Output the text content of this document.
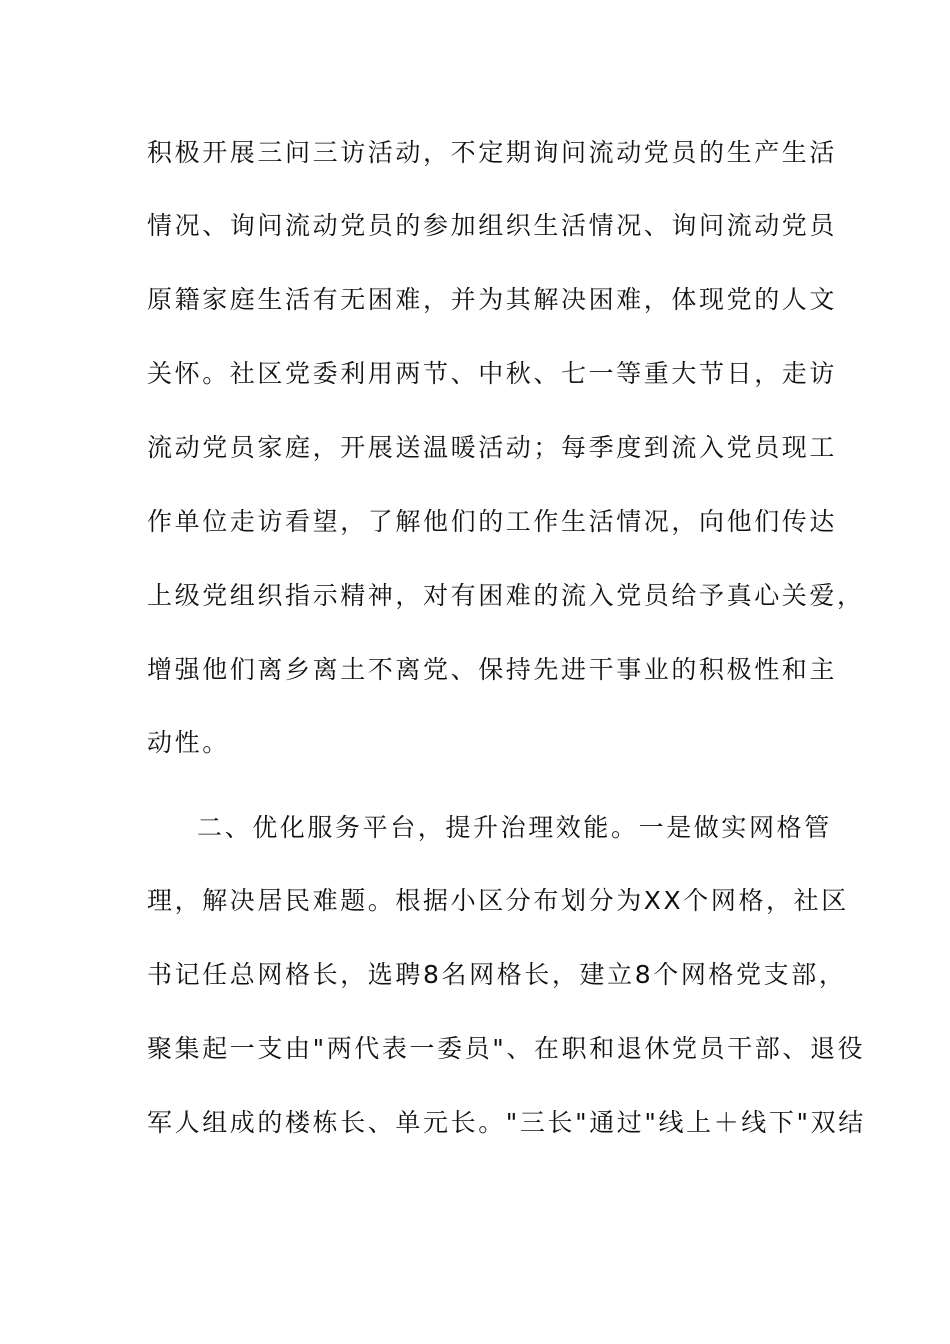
积极开展三问三访活动，不定期询问流动党员的生产生活
情况、询问流动党员的参加组织生活情况、询问流动党员
原籍家庭生活有无困难，并为其解决困难，体现党的人文
关怀。社区党委利用两节、中秋、七一等重大节日，走访
流动党员家庭，开展送温暖活动；每季度到流入党员现工
作单位走访看望，了解他们的工作生活情况，向他们传达
上级党组织指示精神，对有困难的流入党员给予真心关爱，
增强他们离乡离土不离党、保持先进干事业的积极性和主
动性。
二、优化服务平台，提升治理效能。一是做实网格管
理，解决居民难题。根据小区分布划分为XX个网格，社区
书记任总网格长，选聘8名网格长，建立8个网格党支部，
聚集起一支由"两代表一委员"、在职和退休党员干部、退役
军人组成的楼栋长、单元长。"三长"通过"线上＋线下"双结
